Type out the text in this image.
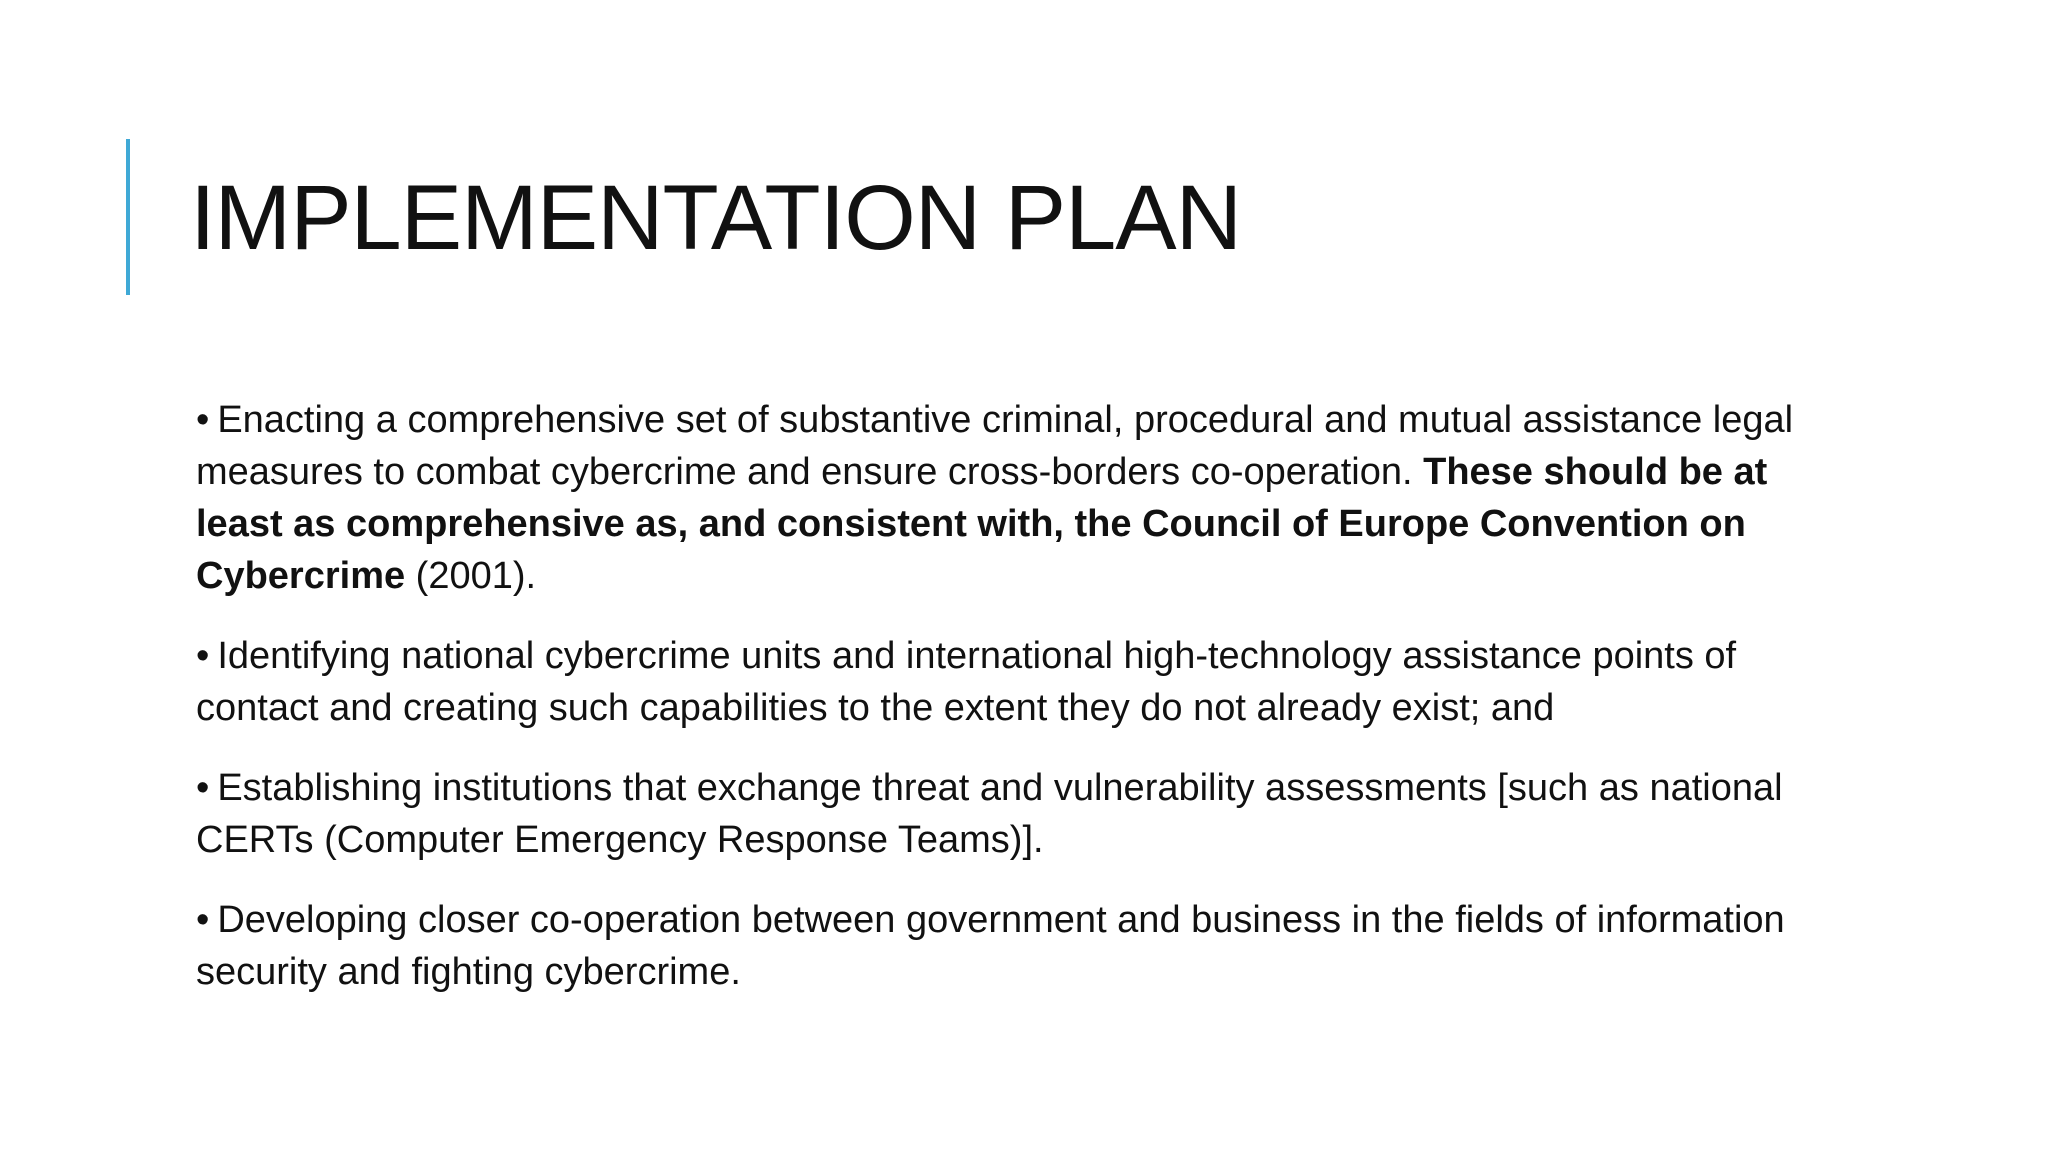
IMPLEMENTATION PLAN
• Enacting a comprehensive set of substantive criminal, procedural and mutual assistance legal measures to combat cybercrime and ensure cross-borders co-operation. These should be at least as comprehensive as, and consistent with, the Council of Europe Convention on Cybercrime (2001).
• Identifying national cybercrime units and international high-technology assistance points of contact and creating such capabilities to the extent they do not already exist; and
• Establishing institutions that exchange threat and vulnerability assessments [such as national CERTs (Computer Emergency Response Teams)].
• Developing closer co-operation between government and business in the fields of information security and fighting cybercrime.
